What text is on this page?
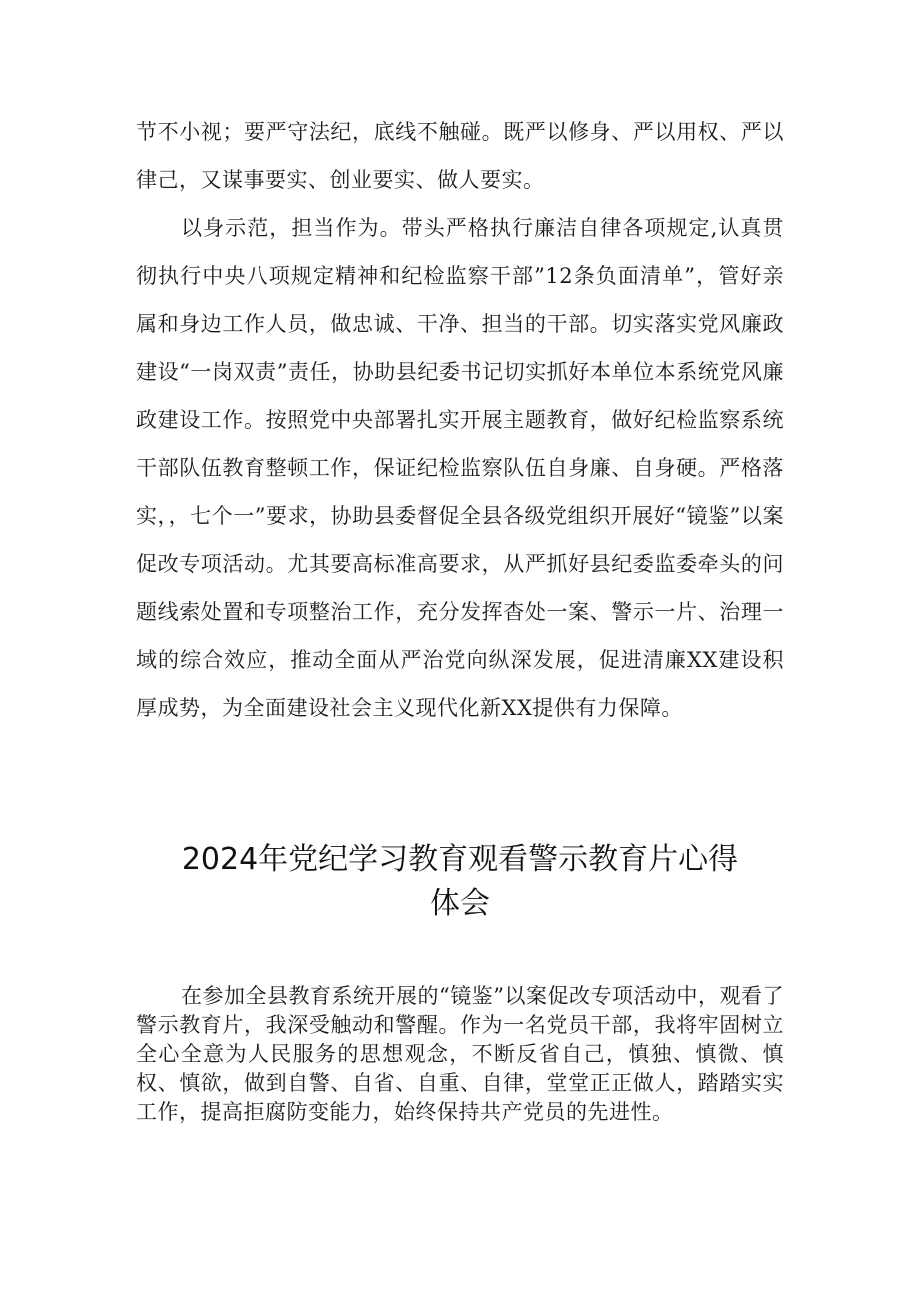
节不小视；要严守法纪，底线不触碰。既严以修身、严以用权、严以律己，又谋事要实、创业要实、做人要实。

以身示范，担当作为。带头严格执行廉洁自律各项规定,认真贯彻执行中央八项规定精神和纪检监察干部”12条负面清单”，管好亲属和身边工作人员，做忠诚、干净、担当的干部。切实落实党风廉政建设“一岗双责”责任，协助县纪委书记切实抓好本单位本系统党风廉政建设工作。按照党中央部署扎实开展主题教育，做好纪检监察系统干部队伍教育整顿工作，保证纪检监察队伍自身廉、自身硬。严格落实，，七个一”要求，协助县委督促全县各级党组织开展好“镜鉴”以案促改专项活动。尤其要高标准高要求，从严抓好县纪委监委牵头的问题线索处置和专项整治工作，充分发挥杳处一案、警示一片、治理一域的综合效应，推动全面从严治党向纵深发展，促进清廉XX建设积厚成势，为全面建设社会主义现代化新XX提供有力保障。

2024年党纪学习教育观看警示教育片心得
体会

在参加全县教育系统开展的“镜鉴”以案促改专项活动中，观看了警示教育片，我深受触动和警醒。作为一名党员干部，我将牢固树立全心全意为人民服务的思想观念，不断反省自己，慎独、慎微、慎权、慎欲，做到自警、自省、自重、自律，堂堂正正做人，踏踏实实工作，提高拒腐防变能力，始终保持共产党员的先进性。
